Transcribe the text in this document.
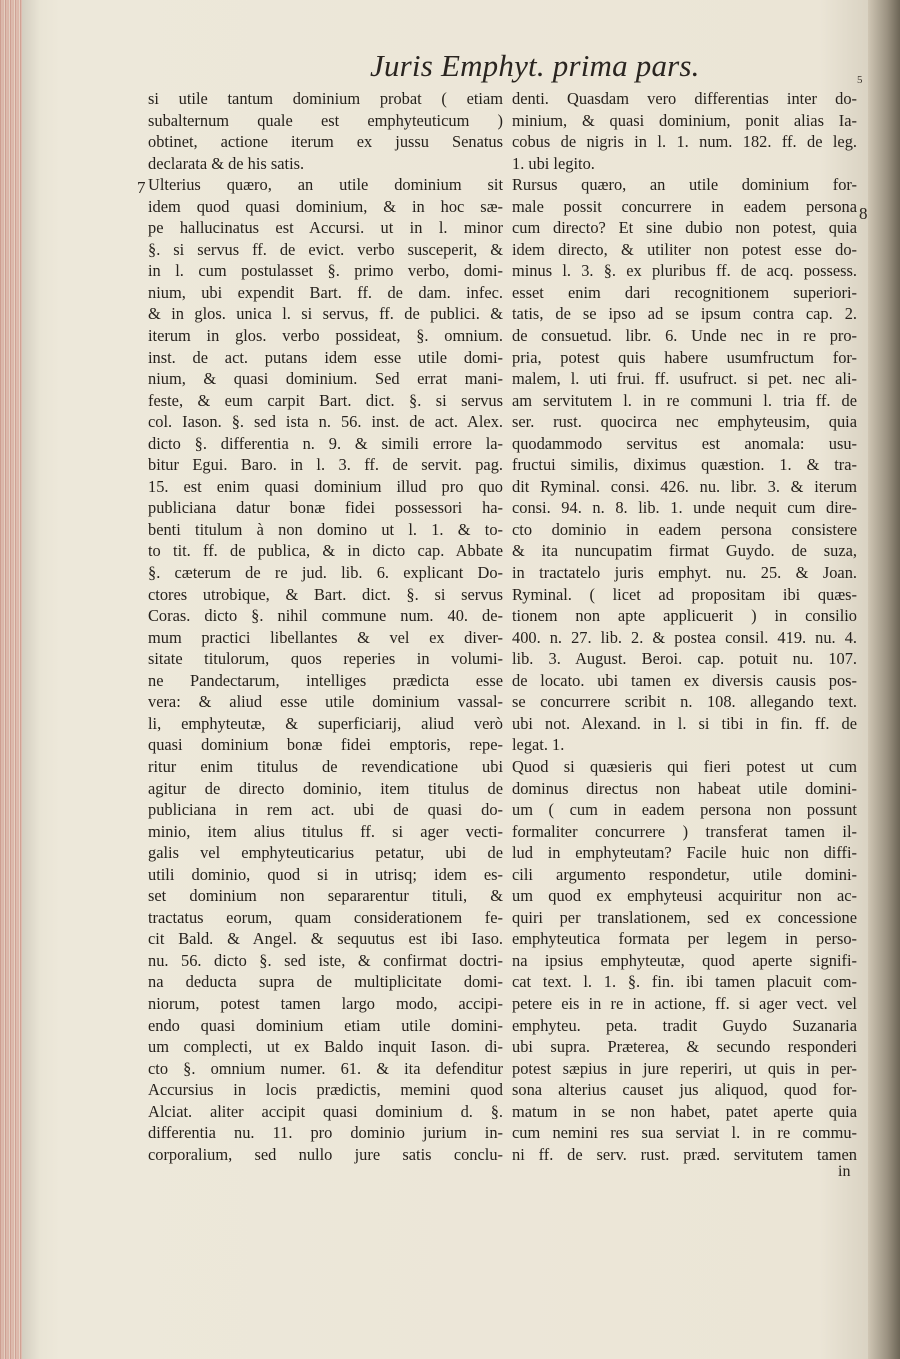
Juris Emphyt. prima pars.	5
7
8
si utile tantum dominium probat ( etiam
subalternum quale est emphyteuticum )
obtinet, actione iterum ex jussu Senatus
declarata & de his satis.
Ulterius quæro, an utile dominium sit
idem quod quasi dominium, & in hoc sæ-
pe hallucinatus est Accursi. ut in l. minor
§. si servus ff. de evict. verbo susceperit, &
in l. cum postulasset §. primo verbo, domi-
nium, ubi expendit Bart. ff. de dam. infec.
& in glos. unica l. si servus, ff. de publici. &
iterum in glos. verbo possideat, §. omnium.
inst. de act. putans idem esse utile domi-
nium, & quasi dominium. Sed errat mani-
feste, & eum carpit Bart. dict. §. si servus
col. Iason. §. sed ista n. 56. inst. de act. Alex.
dicto §. differentia n. 9. & simili errore la-
bitur Egui. Baro. in l. 3. ff. de servit. pag.
15. est enim quasi dominium illud pro quo
publiciana datur bonæ fidei possessori ha-
benti titulum à non domino ut l. 1. & to-
to tit. ff. de publica, & in dicto cap. Abbate
§. cæterum de re jud. lib. 6. explicant Do-
ctores utrobique, & Bart. dict. §. si servus
Coras. dicto §. nihil commune num. 40. de-
mum practici libellantes & vel ex diver-
sitate titulorum, quos reperies in volumi-
ne Pandectarum, intelliges prædicta esse
vera: & aliud esse utile dominium vassal-
li, emphyteutæ, & superficiarij, aliud verò
quasi dominium bonæ fidei emptoris, repe-
ritur enim titulus de revendicatione ubi
agitur de directo dominio, item titulus de
publiciana in rem act. ubi de quasi do-
minio, item alius titulus ff. si ager vecti-
galis vel emphyteuticarius petatur, ubi de
utili dominio, quod si in utrisq; idem es-
set dominium non separarentur tituli, &
tractatus eorum, quam considerationem fe-
cit Bald. & Angel. & sequutus est ibi Iaso.
nu. 56. dicto §. sed iste, & confirmat doctri-
na deducta supra de multiplicitate domi-
niorum, potest tamen largo modo, accipi-
endo quasi dominium etiam utile domini-
um complecti, ut ex Baldo inquit Iason. di-
cto §. omnium numer. 61. & ita defenditur
Accursius in locis prædictis, memini quod
Alciat. aliter accipit quasi dominium d. §.
differentia nu. 11. pro dominio jurium in-
corporalium, sed nullo jure satis conclu-
denti. Quasdam vero differentias inter do-
minium, & quasi dominium, ponit alias Ia-
cobus de nigris in l. 1. num. 182. ff. de leg.
1. ubi legito.
Rursus quæro, an utile dominium for-
male possit concurrere in eadem persona
cum directo? Et sine dubio non potest, quia
idem directo, & utiliter non potest esse do-
minus l. 3. §. ex pluribus ff. de acq. possess.
esset enim dari recognitionem superiori-
tatis, de se ipso ad se ipsum contra cap. 2.
de consuetud. libr. 6. Unde nec in re pro-
pria, potest quis habere usumfructum for-
malem, l. uti frui. ff. usufruct. si pet. nec ali-
am servitutem l. in re communi l. tria ff. de
ser. rust. quocirca nec emphyteusim, quia
quodammodo servitus est anomala: usu-
fructui similis, diximus quæstion. 1. & tra-
dit Ryminal. consi. 426. nu. libr. 3. & iterum
consi. 94. n. 8. lib. 1. unde nequit cum dire-
cto dominio in eadem persona consistere
& ita nuncupatim firmat Guydo. de suza,
in tractatelo juris emphyt. nu. 25. & Joan.
Ryminal. ( licet ad propositam ibi quæs-
tionem non apte applicuerit ) in consilio
400. n. 27. lib. 2. & postea consil. 419. nu. 4.
lib. 3. August. Beroi. cap. potuit nu. 107.
de locato. ubi tamen ex diversis causis pos-
se concurrere scribit n. 108. allegando text.
ubi not. Alexand. in l. si tibi in fin. ff. de
legat. 1.
Quod si quæsieris qui fieri potest ut cum
dominus directus non habeat utile domini-
um ( cum in eadem persona non possunt
formaliter concurrere ) transferat tamen il-
lud in emphyteutam? Facile huic non diffi-
cili argumento respondetur, utile domini-
um quod ex emphyteusi acquiritur non ac-
quiri per translationem, sed ex concessione
emphyteutica formata per legem in perso-
na ipsius emphyteutæ, quod aperte signifi-
cat text. l. 1. §. fin. ibi tamen placuit com-
petere eis in re in actione, ff. si ager vect. vel
emphyteu. peta. tradit Guydo Suzanaria
ubi supra. Præterea, & secundo responderi
potest sæpius in jure reperiri, ut quis in per-
sona alterius causet jus aliquod, quod for-
matum in se non habet, patet aperte quia
cum nemini res sua serviat l. in re commu-
ni ff. de serv. rust. præd. servitutem tamen
in
